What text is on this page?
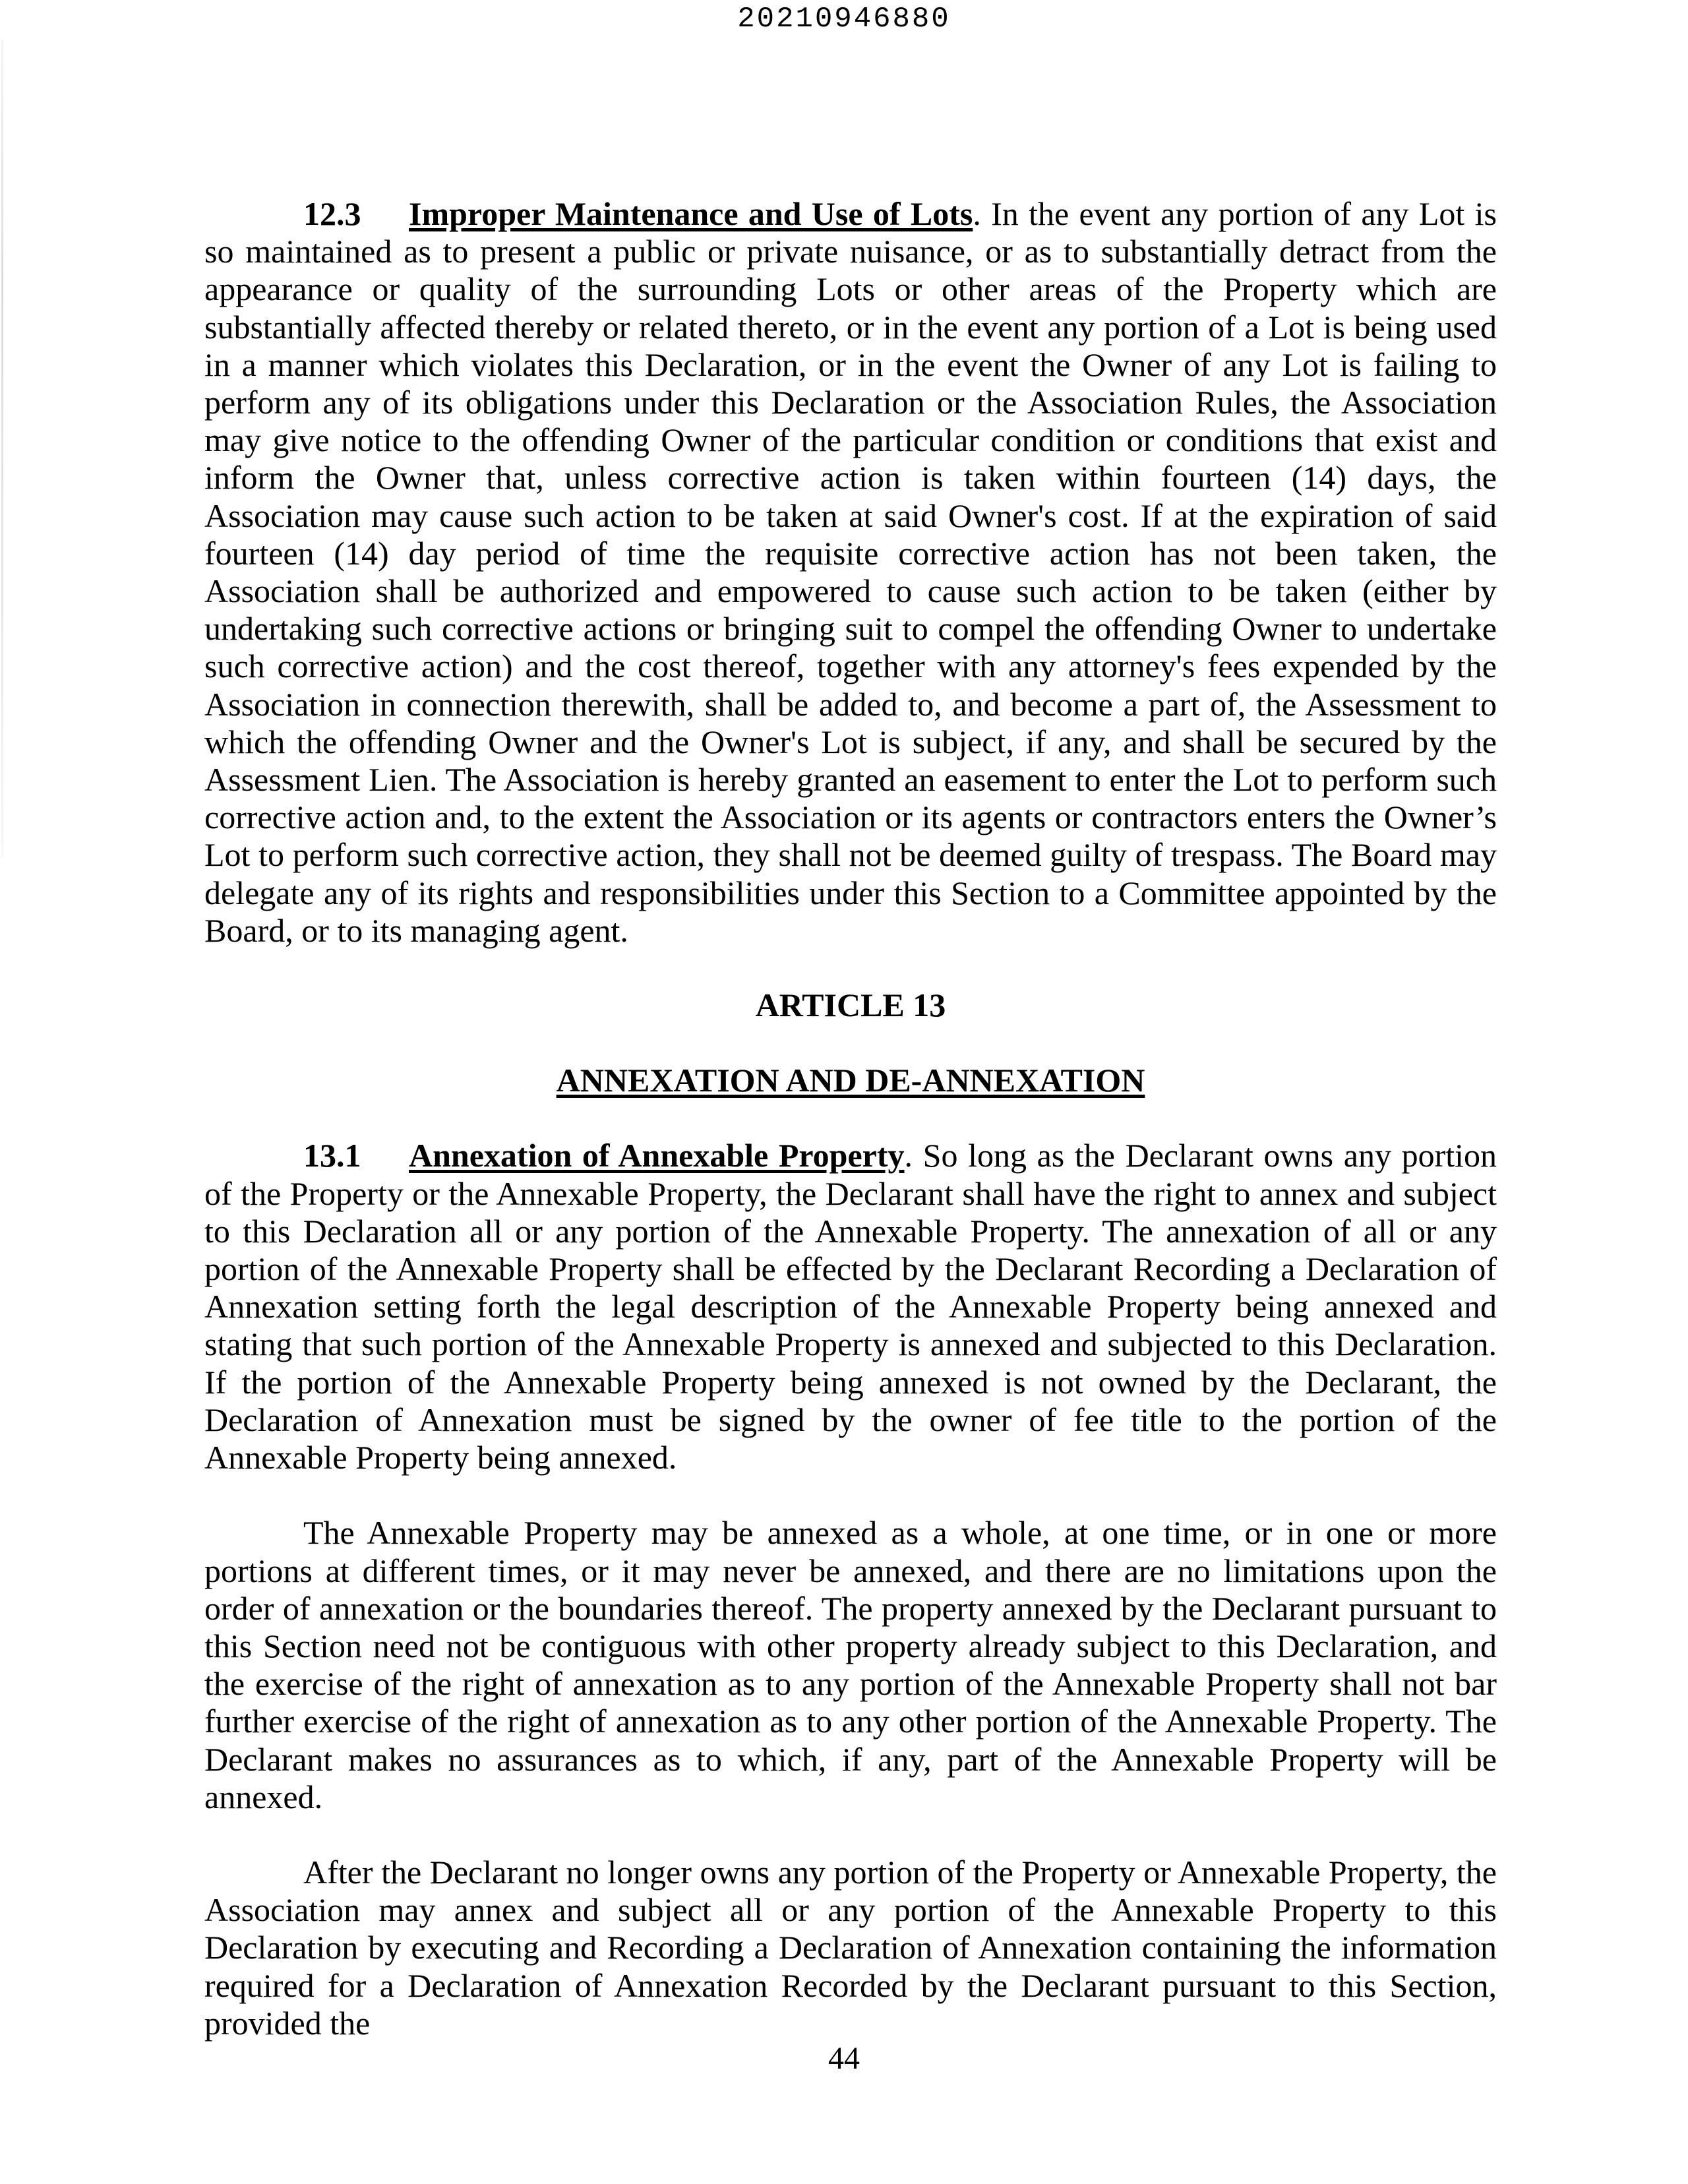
20210946880

12.3 Improper Maintenance and Use of Lots. In the event any portion of any Lot is so maintained as to present a public or private nuisance, or as to substantially detract from the appearance or quality of the surrounding Lots or other areas of the Property which are substantially affected thereby or related thereto, or in the event any portion of a Lot is being used in a manner which violates this Declaration, or in the event the Owner of any Lot is failing to perform any of its obligations under this Declaration or the Association Rules, the Association may give notice to the offending Owner of the particular condition or conditions that exist and inform the Owner that, unless corrective action is taken within fourteen (14) days, the Association may cause such action to be taken at said Owner's cost. If at the expiration of said fourteen (14) day period of time the requisite corrective action has not been taken, the Association shall be authorized and empowered to cause such action to be taken (either by undertaking such corrective actions or bringing suit to compel the offending Owner to undertake such corrective action) and the cost thereof, together with any attorney's fees expended by the Association in connection therewith, shall be added to, and become a part of, the Assessment to which the offending Owner and the Owner's Lot is subject, if any, and shall be secured by the Assessment Lien. The Association is hereby granted an easement to enter the Lot to perform such corrective action and, to the extent the Association or its agents or contractors enters the Owner’s Lot to perform such corrective action, they shall not be deemed guilty of trespass. The Board may delegate any of its rights and responsibilities under this Section to a Committee appointed by the Board, or to its managing agent.

ARTICLE 13
ANNEXATION AND DE-ANNEXATION

13.1 Annexation of Annexable Property. So long as the Declarant owns any portion of the Property or the Annexable Property, the Declarant shall have the right to annex and subject to this Declaration all or any portion of the Annexable Property. The annexation of all or any portion of the Annexable Property shall be effected by the Declarant Recording a Declaration of Annexation setting forth the legal description of the Annexable Property being annexed and stating that such portion of the Annexable Property is annexed and subjected to this Declaration. If the portion of the Annexable Property being annexed is not owned by the Declarant, the Declaration of Annexation must be signed by the owner of fee title to the portion of the Annexable Property being annexed.

The Annexable Property may be annexed as a whole, at one time, or in one or more portions at different times, or it may never be annexed, and there are no limitations upon the order of annexation or the boundaries thereof. The property annexed by the Declarant pursuant to this Section need not be contiguous with other property already subject to this Declaration, and the exercise of the right of annexation as to any portion of the Annexable Property shall not bar further exercise of the right of annexation as to any other portion of the Annexable Property. The Declarant makes no assurances as to which, if any, part of the Annexable Property will be annexed.

After the Declarant no longer owns any portion of the Property or Annexable Property, the Association may annex and subject all or any portion of the Annexable Property to this Declaration by executing and Recording a Declaration of Annexation containing the information required for a Declaration of Annexation Recorded by the Declarant pursuant to this Section, provided the

44
